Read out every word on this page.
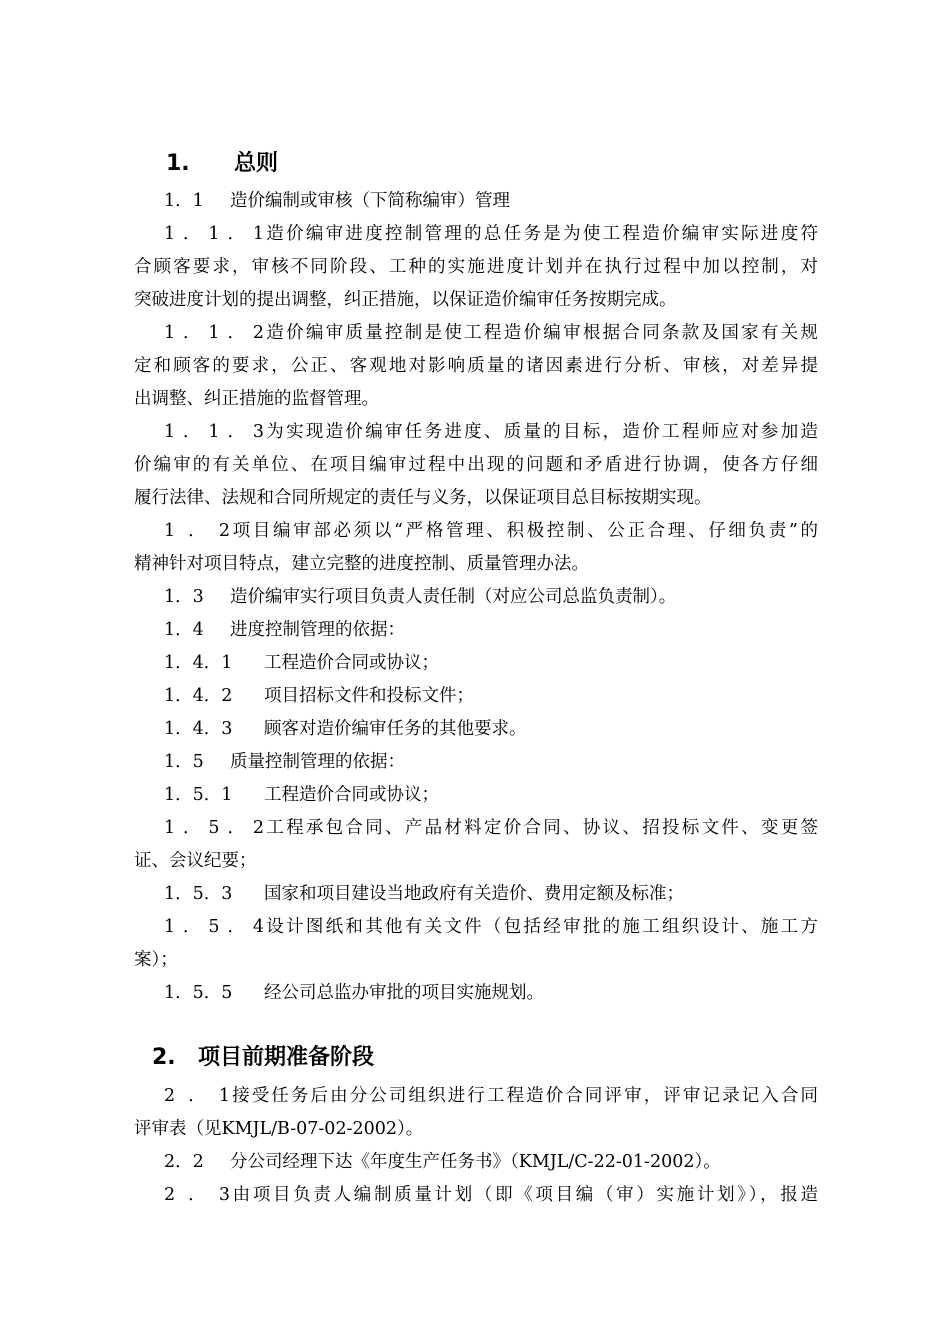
1. 总则
1．1 造价编制或审核（下简称编审）管理
1．1．1造价编审进度控制管理的总任务是为使工程造价编审实际进度符
合顾客要求，审核不同阶段、工种的实施进度计划并在执行过程中加以控制，对
突破进度计划的提出调整，纠正措施，以保证造价编审任务按期完成。
1．1．2造价编审质量控制是使工程造价编审根据合同条款及国家有关规
定和顾客的要求，公正、客观地对影响质量的诸因素进行分析、审核，对差异提
出调整、纠正措施的监督管理。
1．1．3为实现造价编审任务进度、质量的目标，造价工程师应对参加造
价编审的有关单位、在项目编审过程中出现的问题和矛盾进行协调，使各方仔细
履行法律、法规和合同所规定的责任与义务，以保证项目总目标按期实现。
1．2项目编审部必须以“严格管理、积极控制、公正合理、仔细负责”的
精神针对项目特点，建立完整的进度控制、质量管理办法。
1．3 造价编审实行项目负责人责任制（对应公司总监负责制）。
1．4 进度控制管理的依据：
1．4．1 工程造价合同或协议；
1．4．2 项目招标文件和投标文件；
1．4．3 顾客对造价编审任务的其他要求。
1．5 质量控制管理的依据：
1．5．1 工程造价合同或协议；
1．5．2工程承包合同、产品材料定价合同、协议、招投标文件、变更签
证、会议纪要；
1．5．3 国家和项目建设当地政府有关造价、费用定额及标准；
1．5．4设计图纸和其他有关文件（包括经审批的施工组织设计、施工方
案）；
1．5．5 经公司总监办审批的项目实施规划。
2. 项目前期准备阶段
2．1接受任务后由分公司组织进行工程造价合同评审，评审记录记入合同
评审表（见KMJL/B-07-02-2002）。
2．2 分公司经理下达《年度生产任务书》（KMJL/C-22-01-2002）。
2．3由项目负责人编制质量计划（即《项目编（审）实施计划》），报造
